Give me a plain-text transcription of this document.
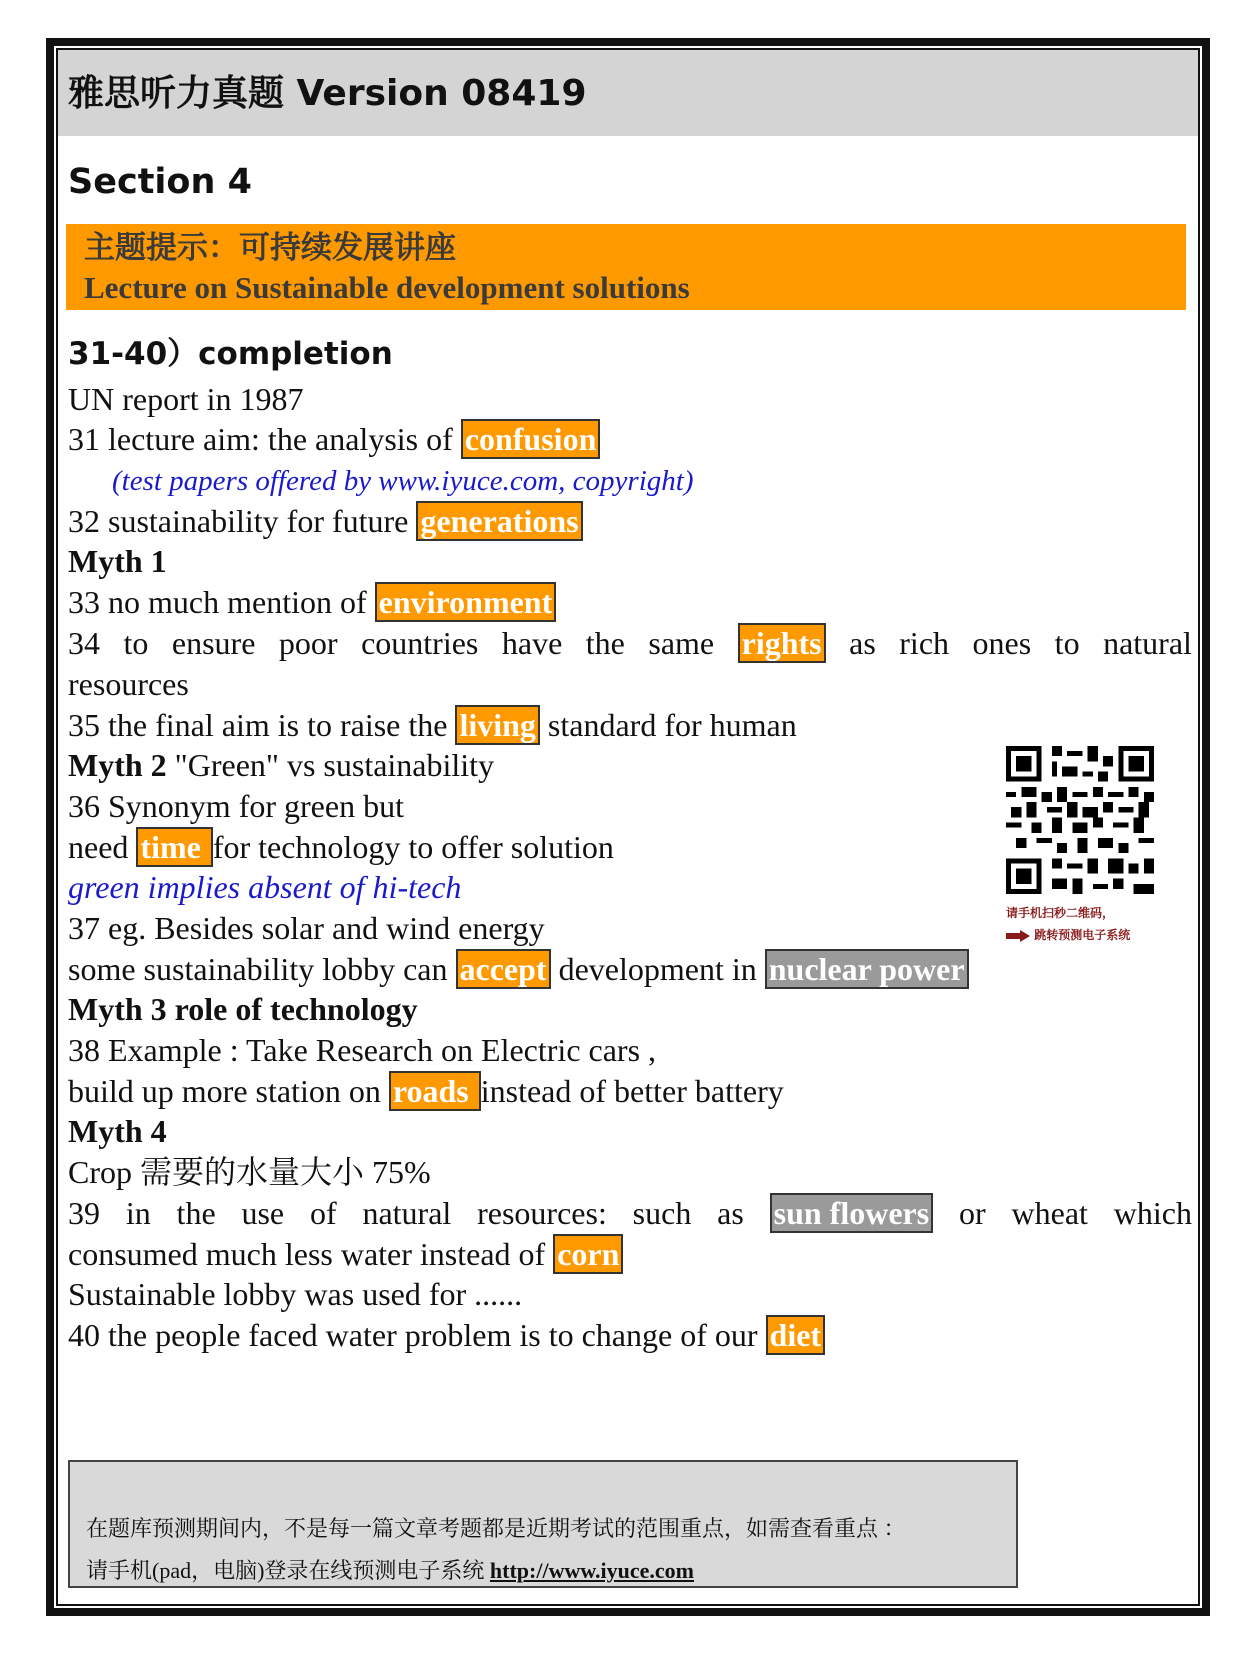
雅思听力真题 Version 08419
Section 4
主题提示：可持续发展讲座
Lecture on Sustainable development solutions
31-40）completion
UN report in 1987
31 lecture aim: the analysis of confusion
(test papers offered by www.iyuce.com, copyright)
32 sustainability for future generations
Myth 1
33 no much mention of environment
34 to ensure poor countries have the same rights as rich ones to natural
resources
35 the final aim is to raise the living standard for human
Myth 2 "Green" vs sustainability
36 Synonym for green but
need time for technology to offer solution
green implies absent of hi-tech
37 eg. Besides solar and wind energy
some sustainability lobby can accept development in nuclear power
Myth 3 role of technology
38 Example : Take Research on Electric cars ,
build up more station on roads instead of better battery
Myth 4
Crop 需要的水量大小 75%
39 in the use of natural resources: such as sun flowers or wheat which
consumed much less water instead of corn
Sustainable lobby was used for ......
40 the people faced water problem is to change of our diet
请手机扫秒二维码，
跳转预测电子系统
在题库预测期间内，不是每一篇文章考题都是近期考试的范围重点，如需查看重点 ：
请手机(pad，电脑)登录在线预测电子系统 http://www.iyuce.com
